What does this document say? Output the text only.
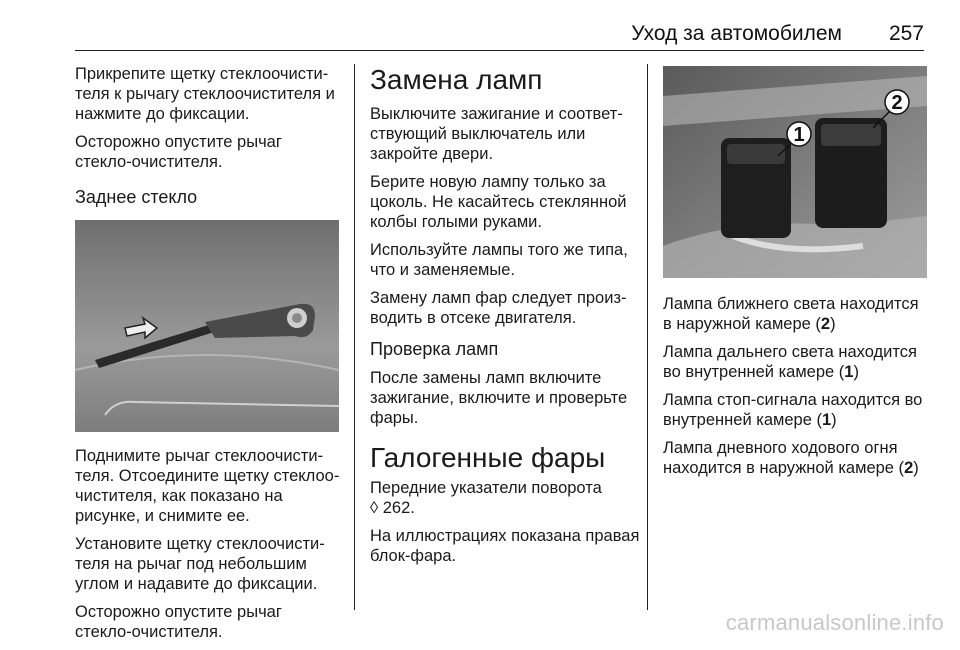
Уход за автомобилем 257

Прикрепите щетку стеклоочисти-теля к рычагу стеклоочистителя и нажмите до фиксации.

Осторожно опустите рычаг стекло-очистителя.

Заднее стекло

Поднимите рычаг стеклоочисти-теля. Отсоедините щетку стеклоо-чистителя, как показано на рисунке, и снимите ее.

Установите щетку стеклоочисти-теля на рычаг под небольшим углом и надавите до фиксации.

Осторожно опустите рычаг стекло-очистителя.

Замена ламп

Выключите зажигание и соответ-ствующий выключатель или закройте двери.

Берите новую лампу только за цоколь. Не касайтесь стеклянной колбы голыми руками.

Используйте лампы того же типа, что и заменяемые.

Замену ламп фар следует произ-водить в отсеке двигателя.

Проверка ламп

После замены ламп включите зажигание, включите и проверьте фары.

Галогенные фары

Передние указатели поворота
◊ 262.

На иллюстрациях показана правая блок-фара.

1
2

Лампа ближнего света находится в наружной камере (2)

Лампа дальнего света находится во внутренней камере (1)

Лампа стоп-сигнала находится во внутренней камере (1)

Лампа дневного ходового огня находится в наружной камере (2)

carmanualsonline.info
